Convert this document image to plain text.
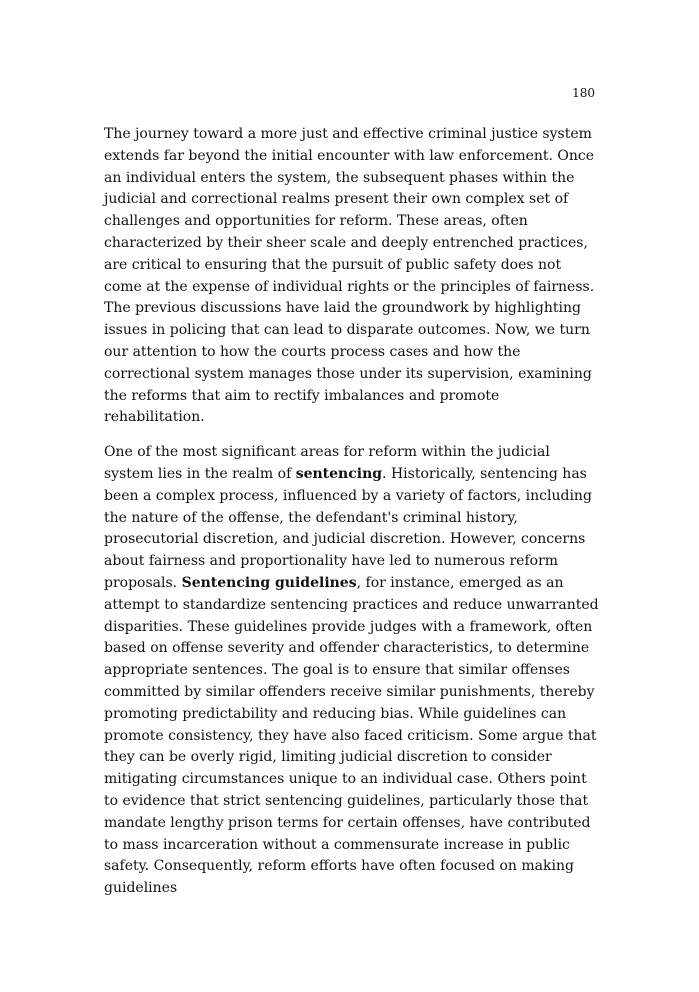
180

The journey toward a more just and effective criminal justice system extends far beyond the initial encounter with law enforcement. Once an individual enters the system, the subsequent phases within the judicial and correctional realms present their own complex set of challenges and opportunities for reform. These areas, often characterized by their sheer scale and deeply entrenched practices, are critical to ensuring that the pursuit of public safety does not come at the expense of individual rights or the principles of fairness. The previous discussions have laid the groundwork by highlighting issues in policing that can lead to disparate outcomes. Now, we turn our attention to how the courts process cases and how the correctional system manages those under its supervision, examining the reforms that aim to rectify imbalances and promote rehabilitation.

One of the most significant areas for reform within the judicial system lies in the realm of sentencing. Historically, sentencing has been a complex process, influenced by a variety of factors, including the nature of the offense, the defendant's criminal history, prosecutorial discretion, and judicial discretion. However, concerns about fairness and proportionality have led to numerous reform proposals. Sentencing guidelines, for instance, emerged as an attempt to standardize sentencing practices and reduce unwarranted disparities. These guidelines provide judges with a framework, often based on offense severity and offender characteristics, to determine appropriate sentences. The goal is to ensure that similar offenses committed by similar offenders receive similar punishments, thereby promoting predictability and reducing bias. While guidelines can promote consistency, they have also faced criticism. Some argue that they can be overly rigid, limiting judicial discretion to consider mitigating circumstances unique to an individual case. Others point to evidence that strict sentencing guidelines, particularly those that mandate lengthy prison terms for certain offenses, have contributed to mass incarceration without a commensurate increase in public safety. Consequently, reform efforts have often focused on making guidelines
